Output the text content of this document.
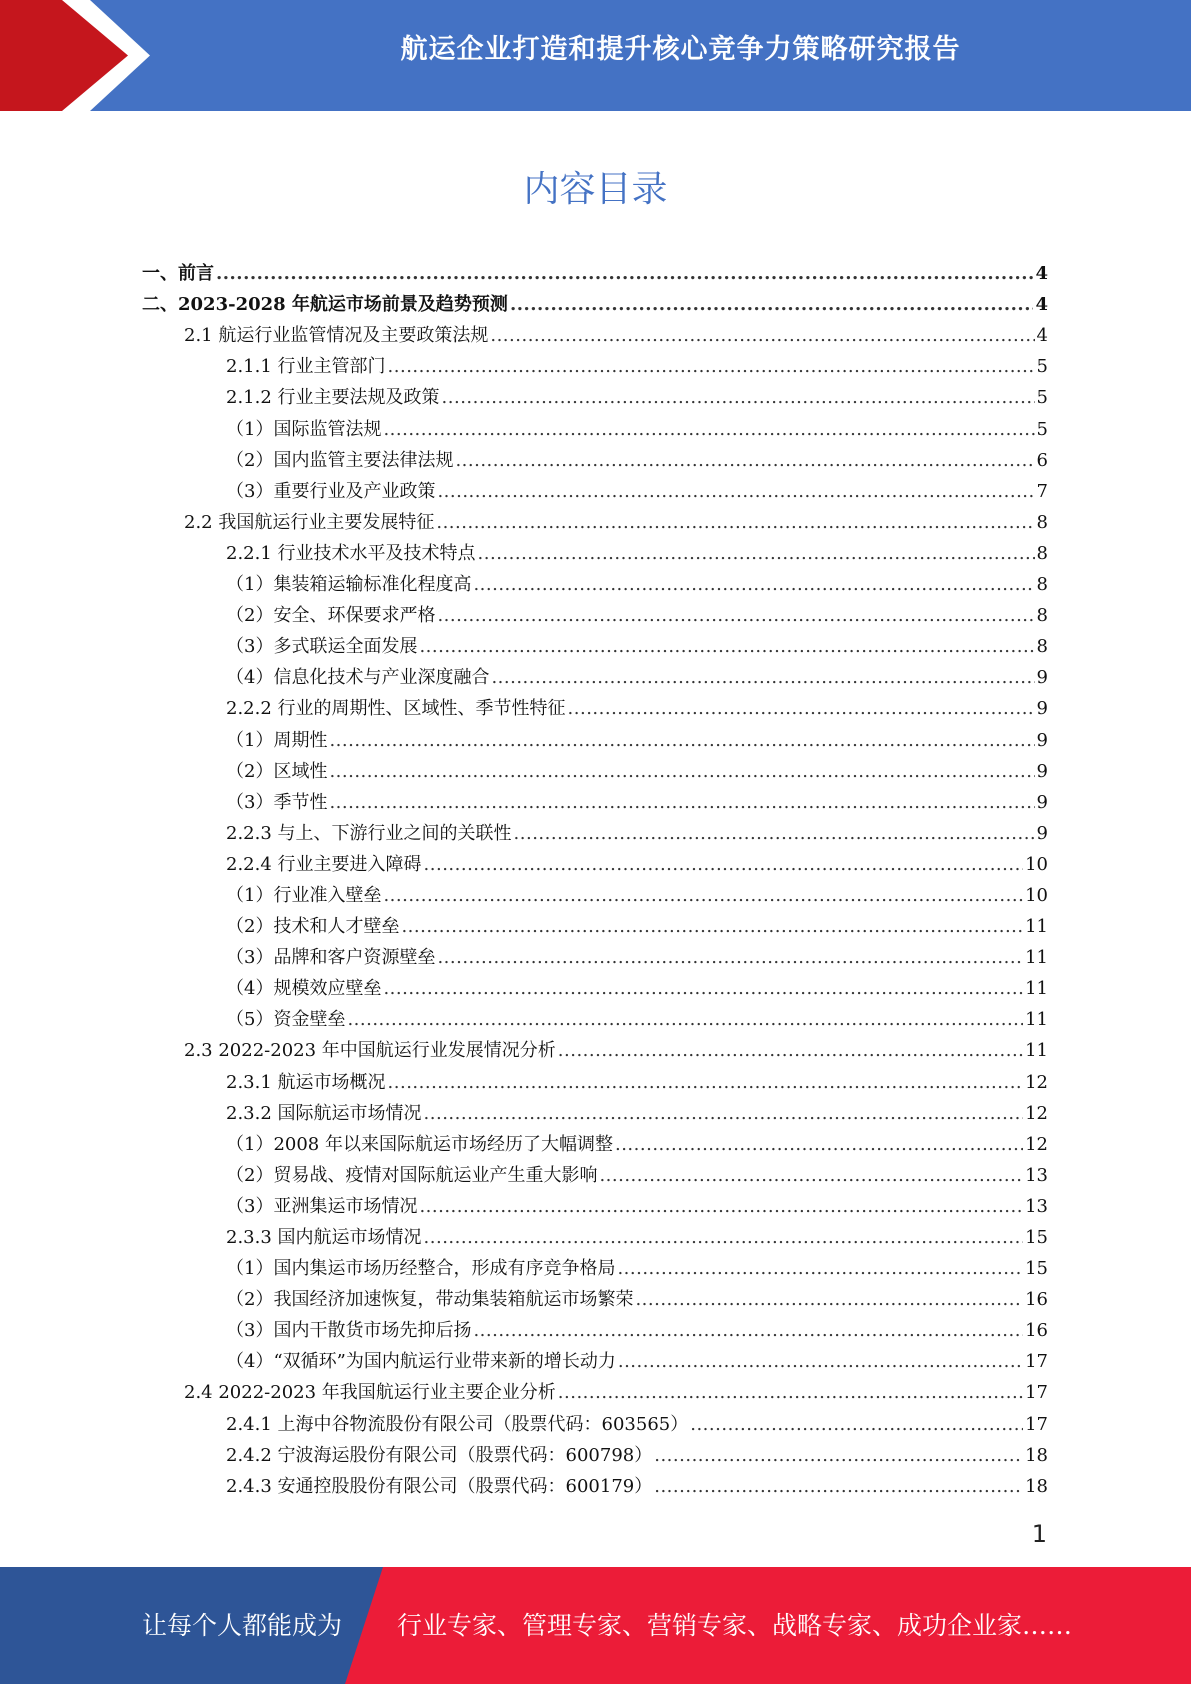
航运企业打造和提升核心竞争力策略研究报告
内容目录
一、前言 .....	4
二、2023-2028 年航运市场前景及趋势预测 .....	4
2.1 航运行业监管情况及主要政策法规 .....	4
2.1.1 行业主管部门 .....	5
2.1.2 行业主要法规及政策 .....	5
（1）国际监管法规 .....	5
（2）国内监管主要法律法规 .....	6
（3）重要行业及产业政策 .....	7
2.2 我国航运行业主要发展特征 .....	8
2.2.1 行业技术水平及技术特点 .....	8
（1）集装箱运输标准化程度高 .....	8
（2）安全、环保要求严格 .....	8
（3）多式联运全面发展 .....	8
（4）信息化技术与产业深度融合 .....	9
2.2.2 行业的周期性、区域性、季节性特征 .....	9
（1）周期性 .....	9
（2）区域性 .....	9
（3）季节性 .....	9
2.2.3 与上、下游行业之间的关联性 .....	9
2.2.4 行业主要进入障碍 .....	10
（1）行业准入壁垒 .....	10
（2）技术和人才壁垒 .....	11
（3）品牌和客户资源壁垒 .....	11
（4）规模效应壁垒 .....	11
（5）资金壁垒 .....	11
2.3 2022-2023 年中国航运行业发展情况分析 .....	11
2.3.1 航运市场概况 .....	12
2.3.2 国际航运市场情况 .....	12
（1）2008 年以来国际航运市场经历了大幅调整 .....	12
（2）贸易战、疫情对国际航运业产生重大影响 .....	13
（3）亚洲集运市场情况 .....	13
2.3.3 国内航运市场情况 .....	15
（1）国内集运市场历经整合，形成有序竞争格局 .....	15
（2）我国经济加速恢复，带动集装箱航运市场繁荣 .....	16
（3）国内干散货市场先抑后扬 .....	16
（4）“双循环”为国内航运行业带来新的增长动力 .....	17
2.4 2022-2023 年我国航运行业主要企业分析 .....	17
2.4.1 上海中谷物流股份有限公司（股票代码：603565） .....	17
2.4.2 宁波海运股份有限公司（股票代码：600798） .....	18
2.4.3 安通控股股份有限公司（股票代码：600179） .....	18
1
让每个人都能成为 行业专家、管理专家、营销专家、战略专家、成功企业家……
